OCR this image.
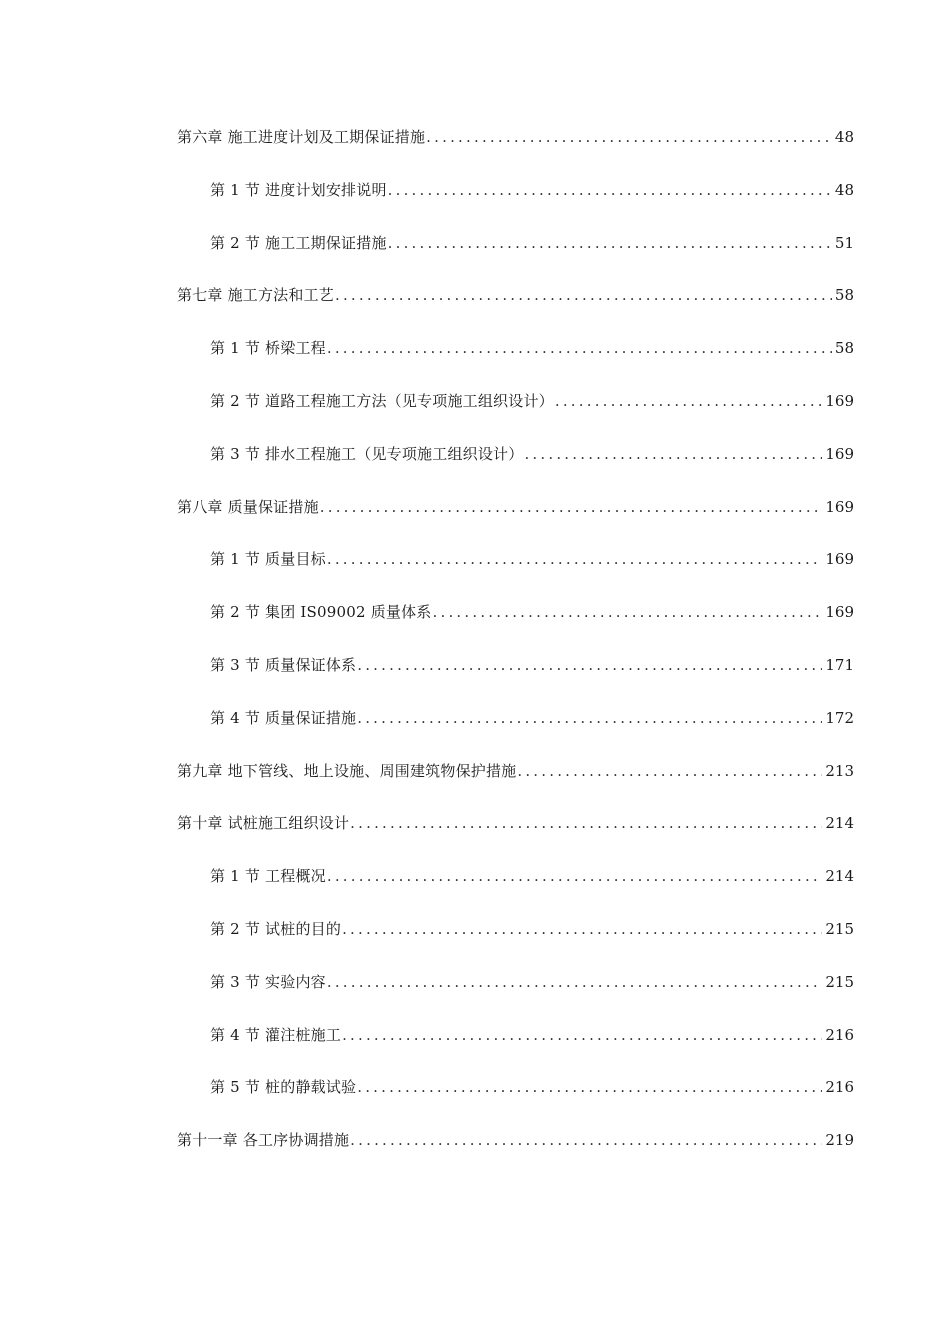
第六章 施工进度计划及工期保证措施 .....	48
第 1 节 进度计划安排说明 .....	48
第 2 节 施工工期保证措施 .....	51
第七章 施工方法和工艺 .....	58
第 1 节 桥梁工程 .....	58
第 2 节 道路工程施工方法（见专项施工组织设计） .....	169
第 3 节 排水工程施工（见专项施工组织设计） .....	169
第八章 质量保证措施 .....	169
第 1 节 质量目标 .....	169
第 2 节 集团 IS09002 质量体系 .....	169
第 3 节 质量保证体系 .....	171
第 4 节 质量保证措施 .....	172
第九章 地下管线、地上设施、周围建筑物保护措施 .....	213
第十章 试桩施工组织设计 .....	214
第 1 节 工程概况 .....	214
第 2 节 试桩的目的 .....	215
第 3 节 实验内容 .....	215
第 4 节 灌注桩施工 .....	216
第 5 节 桩的静载试验 .....	216
第十一章 各工序协调措施 .....	219
